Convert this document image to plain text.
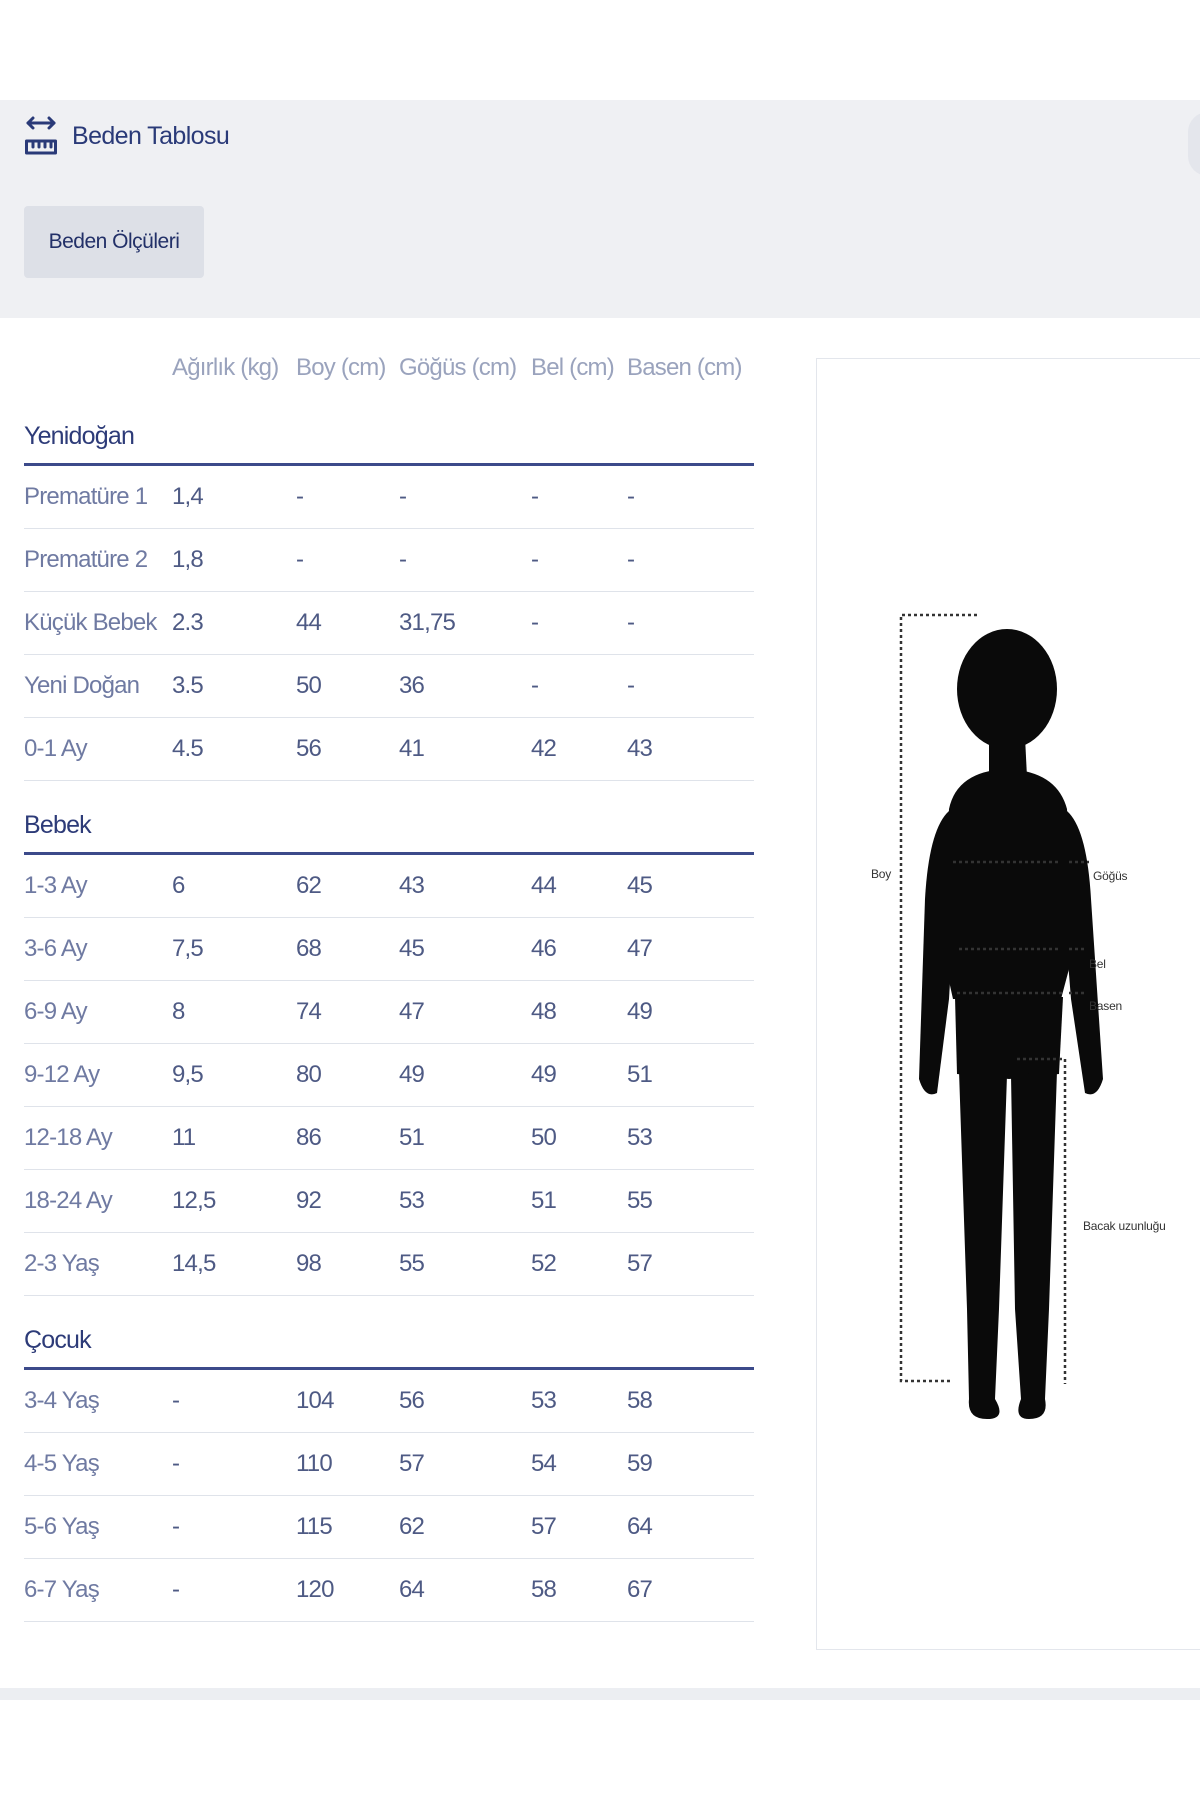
Beden Tablosu
Beden Ölçüleri
Ağırlık (kg) Boy (cm) Göğüs (cm) Bel (cm) Basen (cm)
Yenidoğan
Prematüre 1 1,4	-	-	-	-
Prematüre 2 1,8	-	-	-	-
Küçük Bebek 2.3	44	31,75	-	-
Yeni Doğan 3.5	50	36	-	-
0-1 Ay	4.5	56	41	42	43
Bebek
1-3 Ay	6	62	43	44	45
3-6 Ay	7,5	68	45	46	47
6-9 Ay	8	74	47	48	49
9-12 Ay	9,5	80	49	49	51
12-18 Ay	11	86	51	50	53
18-24 Ay	12,5	92	53	51	55
2-3 Yaş	14,5	98	55	52	57
Çocuk
3-4 Yaş	-	104	56	53	58
4-5 Yaş	-	110	57	54	59
5-6 Yaş	-	115	62	57	64
6-7 Yaş	-	120	64	58	67
Boy	Göğüs
Bel
Basen
Bacak uzunluğu
